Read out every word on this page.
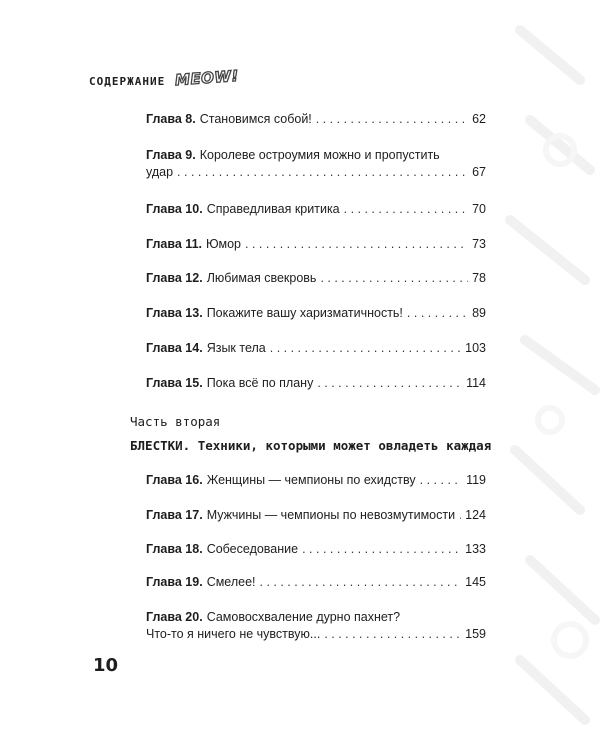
СОДЕРЖАНИЕ MEOW!
Глава 8. Становимся собой! . . .	62
Глава 9. Королеве остроумия можно и пропустить
удар . . .	67
Глава 10. Справедливая критика . . .	70
Глава 11. Юмор . . .	73
Глава 12. Любимая свекровь . . .	78
Глава 13. Покажите вашу харизматичность! . . .	89
Глава 14. Язык тела . . .	103
Глава 15. Пока всё по плану . . .	114
Часть вторая
БЛЕСТКИ. Техники, которыми может овладеть каждая
Глава 16. Женщины — чемпионы по ехидству . . .	119
Глава 17. Мужчины — чемпионы по невозмутимости . . . 124
Глава 18. Собеседование . . .	133
Глава 19. Смелее! . . .	145
Глава 20. Самовосхваление дурно пахнет?
Что-то я ничего не чувствую... . . .	159
10
